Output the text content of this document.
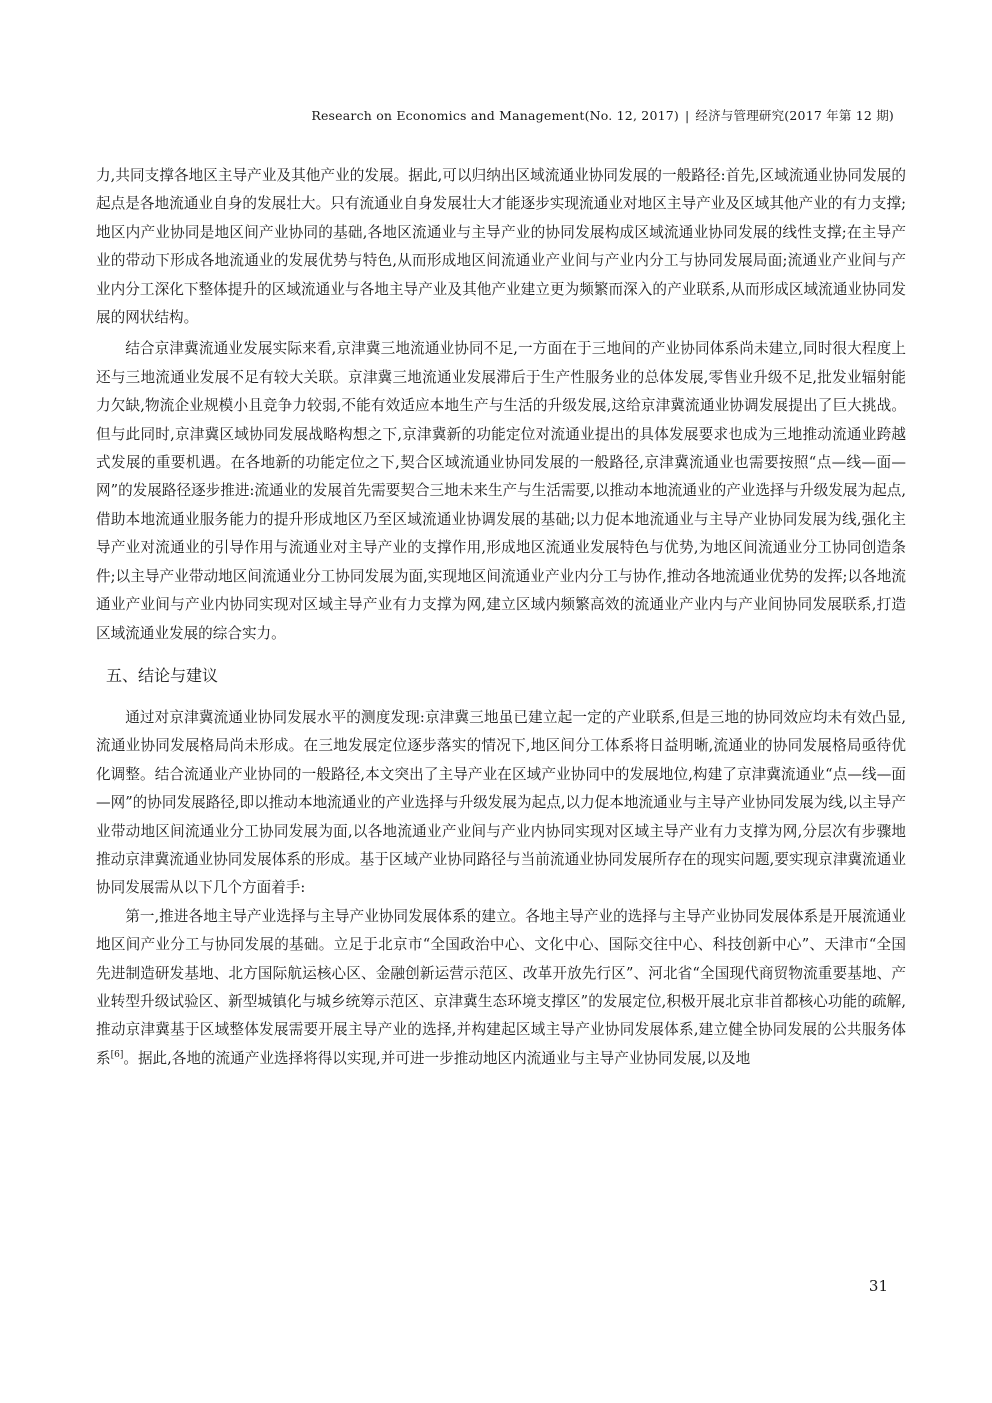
Research on Economics and Management(No. 12, 2017) | 经济与管理研究(2017 年第 12 期)

力,共同支撑各地区主导产业及其他产业的发展。据此,可以归纳出区域流通业协同发展的一般路径:首先,区域流通业协同发展的起点是各地流通业自身的发展壮大。只有流通业自身发展壮大才能逐步实现流通业对地区主导产业及区域其他产业的有力支撑;地区内产业协同是地区间产业协同的基础,各地区流通业与主导产业的协同发展构成区域流通业协同发展的线性支撑;在主导产业的带动下形成各地流通业的发展优势与特色,从而形成地区间流通业产业间与产业内分工与协同发展局面;流通业产业间与产业内分工深化下整体提升的区域流通业与各地主导产业及其他产业建立更为频繁而深入的产业联系,从而形成区域流通业协同发展的网状结构。

结合京津冀流通业发展实际来看,京津冀三地流通业协同不足,一方面在于三地间的产业协同体系尚未建立,同时很大程度上还与三地流通业发展不足有较大关联。京津冀三地流通业发展滞后于生产性服务业的总体发展,零售业升级不足,批发业辐射能力欠缺,物流企业规模小且竞争力较弱,不能有效适应本地生产与生活的升级发展,这给京津冀流通业协调发展提出了巨大挑战。但与此同时,京津冀区域协同发展战略构想之下,京津冀新的功能定位对流通业提出的具体发展要求也成为三地推动流通业跨越式发展的重要机遇。在各地新的功能定位之下,契合区域流通业协同发展的一般路径,京津冀流通业也需要按照“点—线—面—网”的发展路径逐步推进:流通业的发展首先需要契合三地未来生产与生活需要,以推动本地流通业的产业选择与升级发展为起点,借助本地流通业服务能力的提升形成地区乃至区域流通业协调发展的基础;以力促本地流通业与主导产业协同发展为线,强化主导产业对流通业的引导作用与流通业对主导产业的支撑作用,形成地区流通业发展特色与优势,为地区间流通业分工协同创造条件;以主导产业带动地区间流通业分工协同发展为面,实现地区间流通业产业内分工与协作,推动各地流通业优势的发挥;以各地流通业产业间与产业内协同实现对区域主导产业有力支撑为网,建立区域内频繁高效的流通业产业内与产业间协同发展联系,打造区域流通业发展的综合实力。

五、结论与建议

通过对京津冀流通业协同发展水平的测度发现:京津冀三地虽已建立起一定的产业联系,但是三地的协同效应均未有效凸显,流通业协同发展格局尚未形成。在三地发展定位逐步落实的情况下,地区间分工体系将日益明晰,流通业的协同发展格局亟待优化调整。结合流通业产业协同的一般路径,本文突出了主导产业在区域产业协同中的发展地位,构建了京津冀流通业“点—线—面—网”的协同发展路径,即以推动本地流通业的产业选择与升级发展为起点,以力促本地流通业与主导产业协同发展为线,以主导产业带动地区间流通业分工协同发展为面,以各地流通业产业间与产业内协同实现对区域主导产业有力支撑为网,分层次有步骤地推动京津冀流通业协同发展体系的形成。基于区域产业协同路径与当前流通业协同发展所存在的现实问题,要实现京津冀流通业协同发展需从以下几个方面着手:

第一,推进各地主导产业选择与主导产业协同发展体系的建立。各地主导产业的选择与主导产业协同发展体系是开展流通业地区间产业分工与协同发展的基础。立足于北京市“全国政治中心、文化中心、国际交往中心、科技创新中心”、天津市“全国先进制造研发基地、北方国际航运核心区、金融创新运营示范区、改革开放先行区”、河北省“全国现代商贸物流重要基地、产业转型升级试验区、新型城镇化与城乡统筹示范区、京津冀生态环境支撑区”的发展定位,积极开展北京非首都核心功能的疏解,推动京津冀基于区域整体发展需要开展主导产业的选择,并构建起区域主导产业协同发展体系,建立健全协同发展的公共服务体系[6]。据此,各地的流通产业选择将得以实现,并可进一步推动地区内流通业与主导产业协同发展,以及地

31
